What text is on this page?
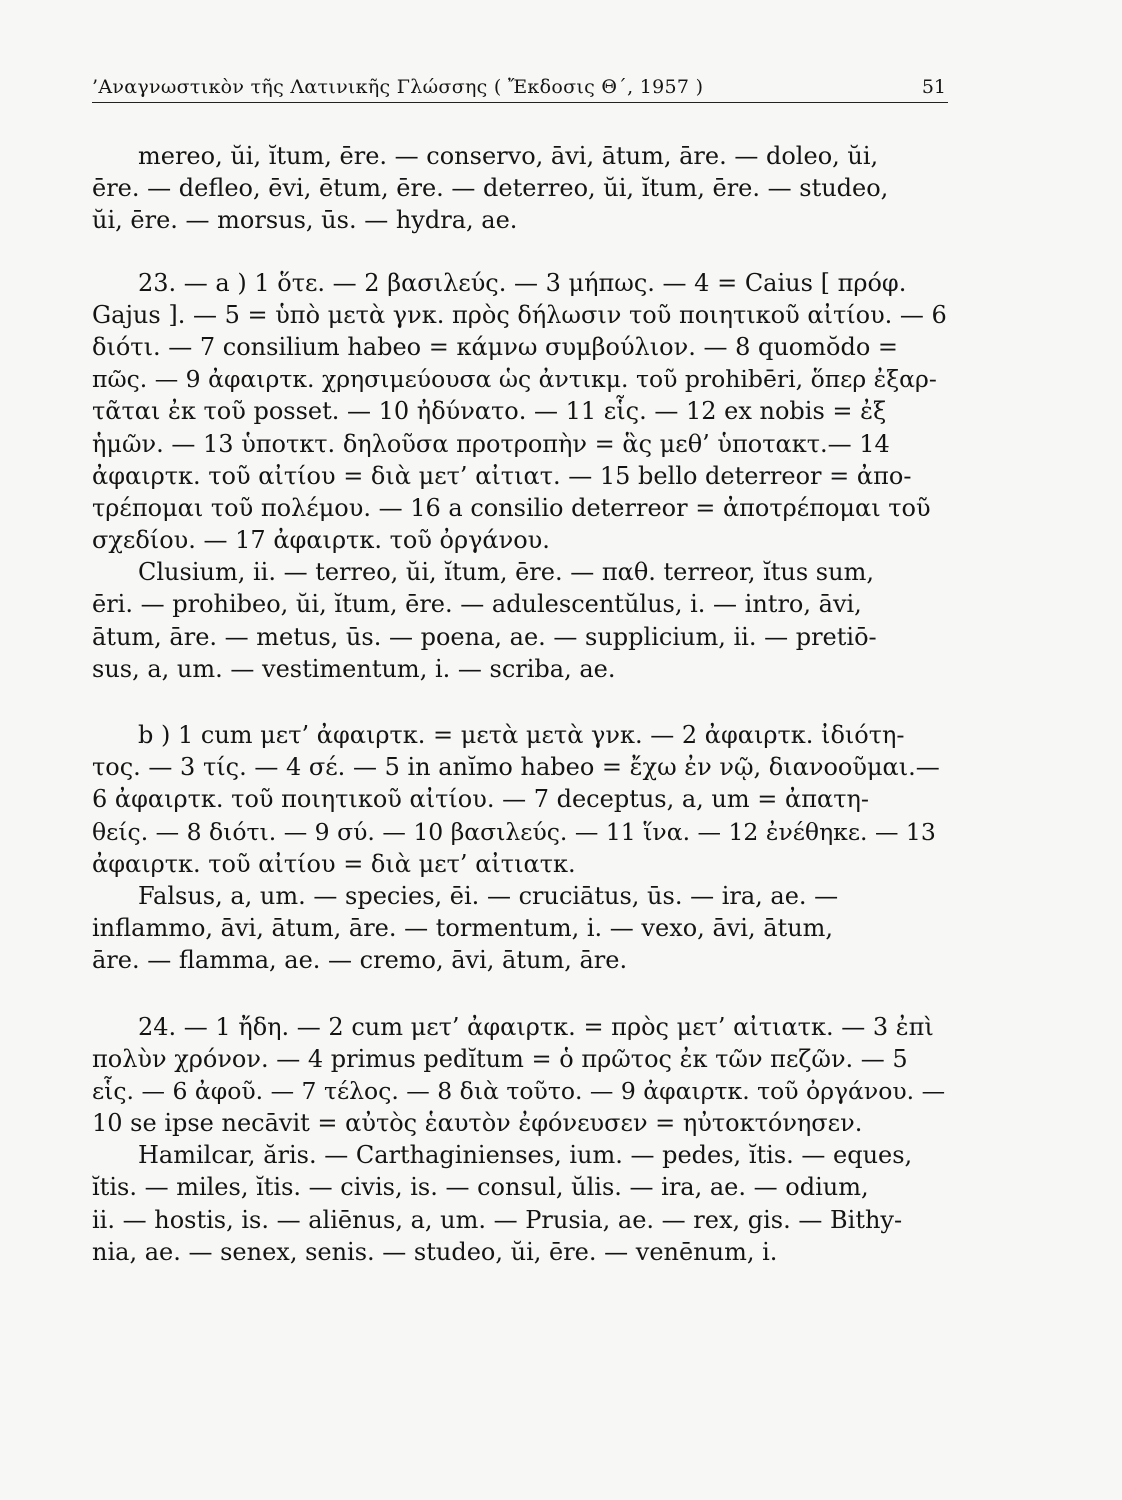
’Αναγνωστικὸν τῆς Λατινικῆς Γλώσσης ( Ἔκδοσις Θ΄, 1957 )	51
mereo, ŭi, ĭtum, ēre. — conservo, āvi, ātum, āre. — doleo, ŭi,
ēre. — defleo, ēvi, ētum, ēre. — deterreo, ŭi, ĭtum, ēre. — studeo,
ŭi, ēre. — morsus, ūs. — hydra, ae.
23. — a ) 1 ὅτε. — 2 βασιλεύς. — 3 μήπως. — 4 = Caius [ πρόφ.
Gajus ]. — 5 = ὑπὸ μετὰ γνκ. πρὸς δήλωσιν τοῦ ποιητικοῦ αἰτίου. — 6
διότι. — 7 consilium habeo = κάμνω συμβούλιον. — 8 quomŏdo =
πῶς. — 9 ἀφαιρτκ. χρησιμεύουσα ὡς ἀντικμ. τοῦ prohibēri, ὅπερ ἐξαρ-
τᾶται ἐκ τοῦ posset. — 10 ἠδύνατο. — 11 εἷς. — 12 ex nobis = ἐξ
ἡμῶν. — 13 ὑποτκτ. δηλοῦσα προτροπὴν = ἃς μεθ’ ὑποτακτ.— 14
ἀφαιρτκ. τοῦ αἰτίου = διὰ μετ’ αἰτιατ. — 15 bello deterreor = ἀπο-
τρέπομαι τοῦ πολέμου. — 16 a consilio deterreor = ἀποτρέπομαι τοῦ
σχεδίου. — 17 ἀφαιρτκ. τοῦ ὀργάνου.
Clusium, ii. — terreo, ŭi, ĭtum, ēre. — παθ. terreor, ĭtus sum,
ēri. — prohibeo, ŭi, ĭtum, ēre. — adulescentŭlus, i. — intro, āvi,
ātum, āre. — metus, ūs. — poena, ae. — supplicium, ii. — pretiō-
sus, a, um. — vestimentum, i. — scriba, ae.
b ) 1 cum μετ’ ἀφαιρτκ. = μετὰ μετὰ γνκ. — 2 ἀφαιρτκ. ἰδιότη-
τος. — 3 τίς. — 4 σέ. — 5 in anĭmo habeo = ἔχω ἐν νῷ, διανοοῦμαι.—
6 ἀφαιρτκ. τοῦ ποιητικοῦ αἰτίου. — 7 deceptus, a, um = ἀπατη-
θείς. — 8 διότι. — 9 σύ. — 10 βασιλεύς. — 11 ἵνα. — 12 ἐνέθηκε. — 13
ἀφαιρτκ. τοῦ αἰτίου = διὰ μετ’ αἰτιατκ.
Falsus, a, um. — species, ēi. — cruciātus, ūs. — ira, ae. —
inflammo, āvi, ātum, āre. — tormentum, i. — vexo, āvi, ātum,
āre. — flamma, ae. — cremo, āvi, ātum, āre.
24. — 1 ἤδη. — 2 cum μετ’ ἀφαιρτκ. = πρὸς μετ’ αἰτιατκ. — 3 ἐπὶ
πολὺν χρόνον. — 4 primus pedĭtum = ὁ πρῶτος ἐκ τῶν πεζῶν. — 5
εἷς. — 6 ἀφοῦ. — 7 τέλος. — 8 διὰ τοῦτο. — 9 ἀφαιρτκ. τοῦ ὀργάνου. —
10 se ipse necāvit = αὐτὸς ἑαυτὸν ἐφόνευσεν = ηὐτοκτόνησεν.
Hamilcar, ăris. — Carthaginienses, ium. — pedes, ĭtis. — eques,
ĭtis. — miles, ĭtis. — civis, is. — consul, ŭlis. — ira, ae. — odium,
ii. — hostis, is. — aliēnus, a, um. — Prusia, ae. — rex, gis. — Bithy-
nia, ae. — senex, senis. — studeo, ŭi, ēre. — venēnum, i.
